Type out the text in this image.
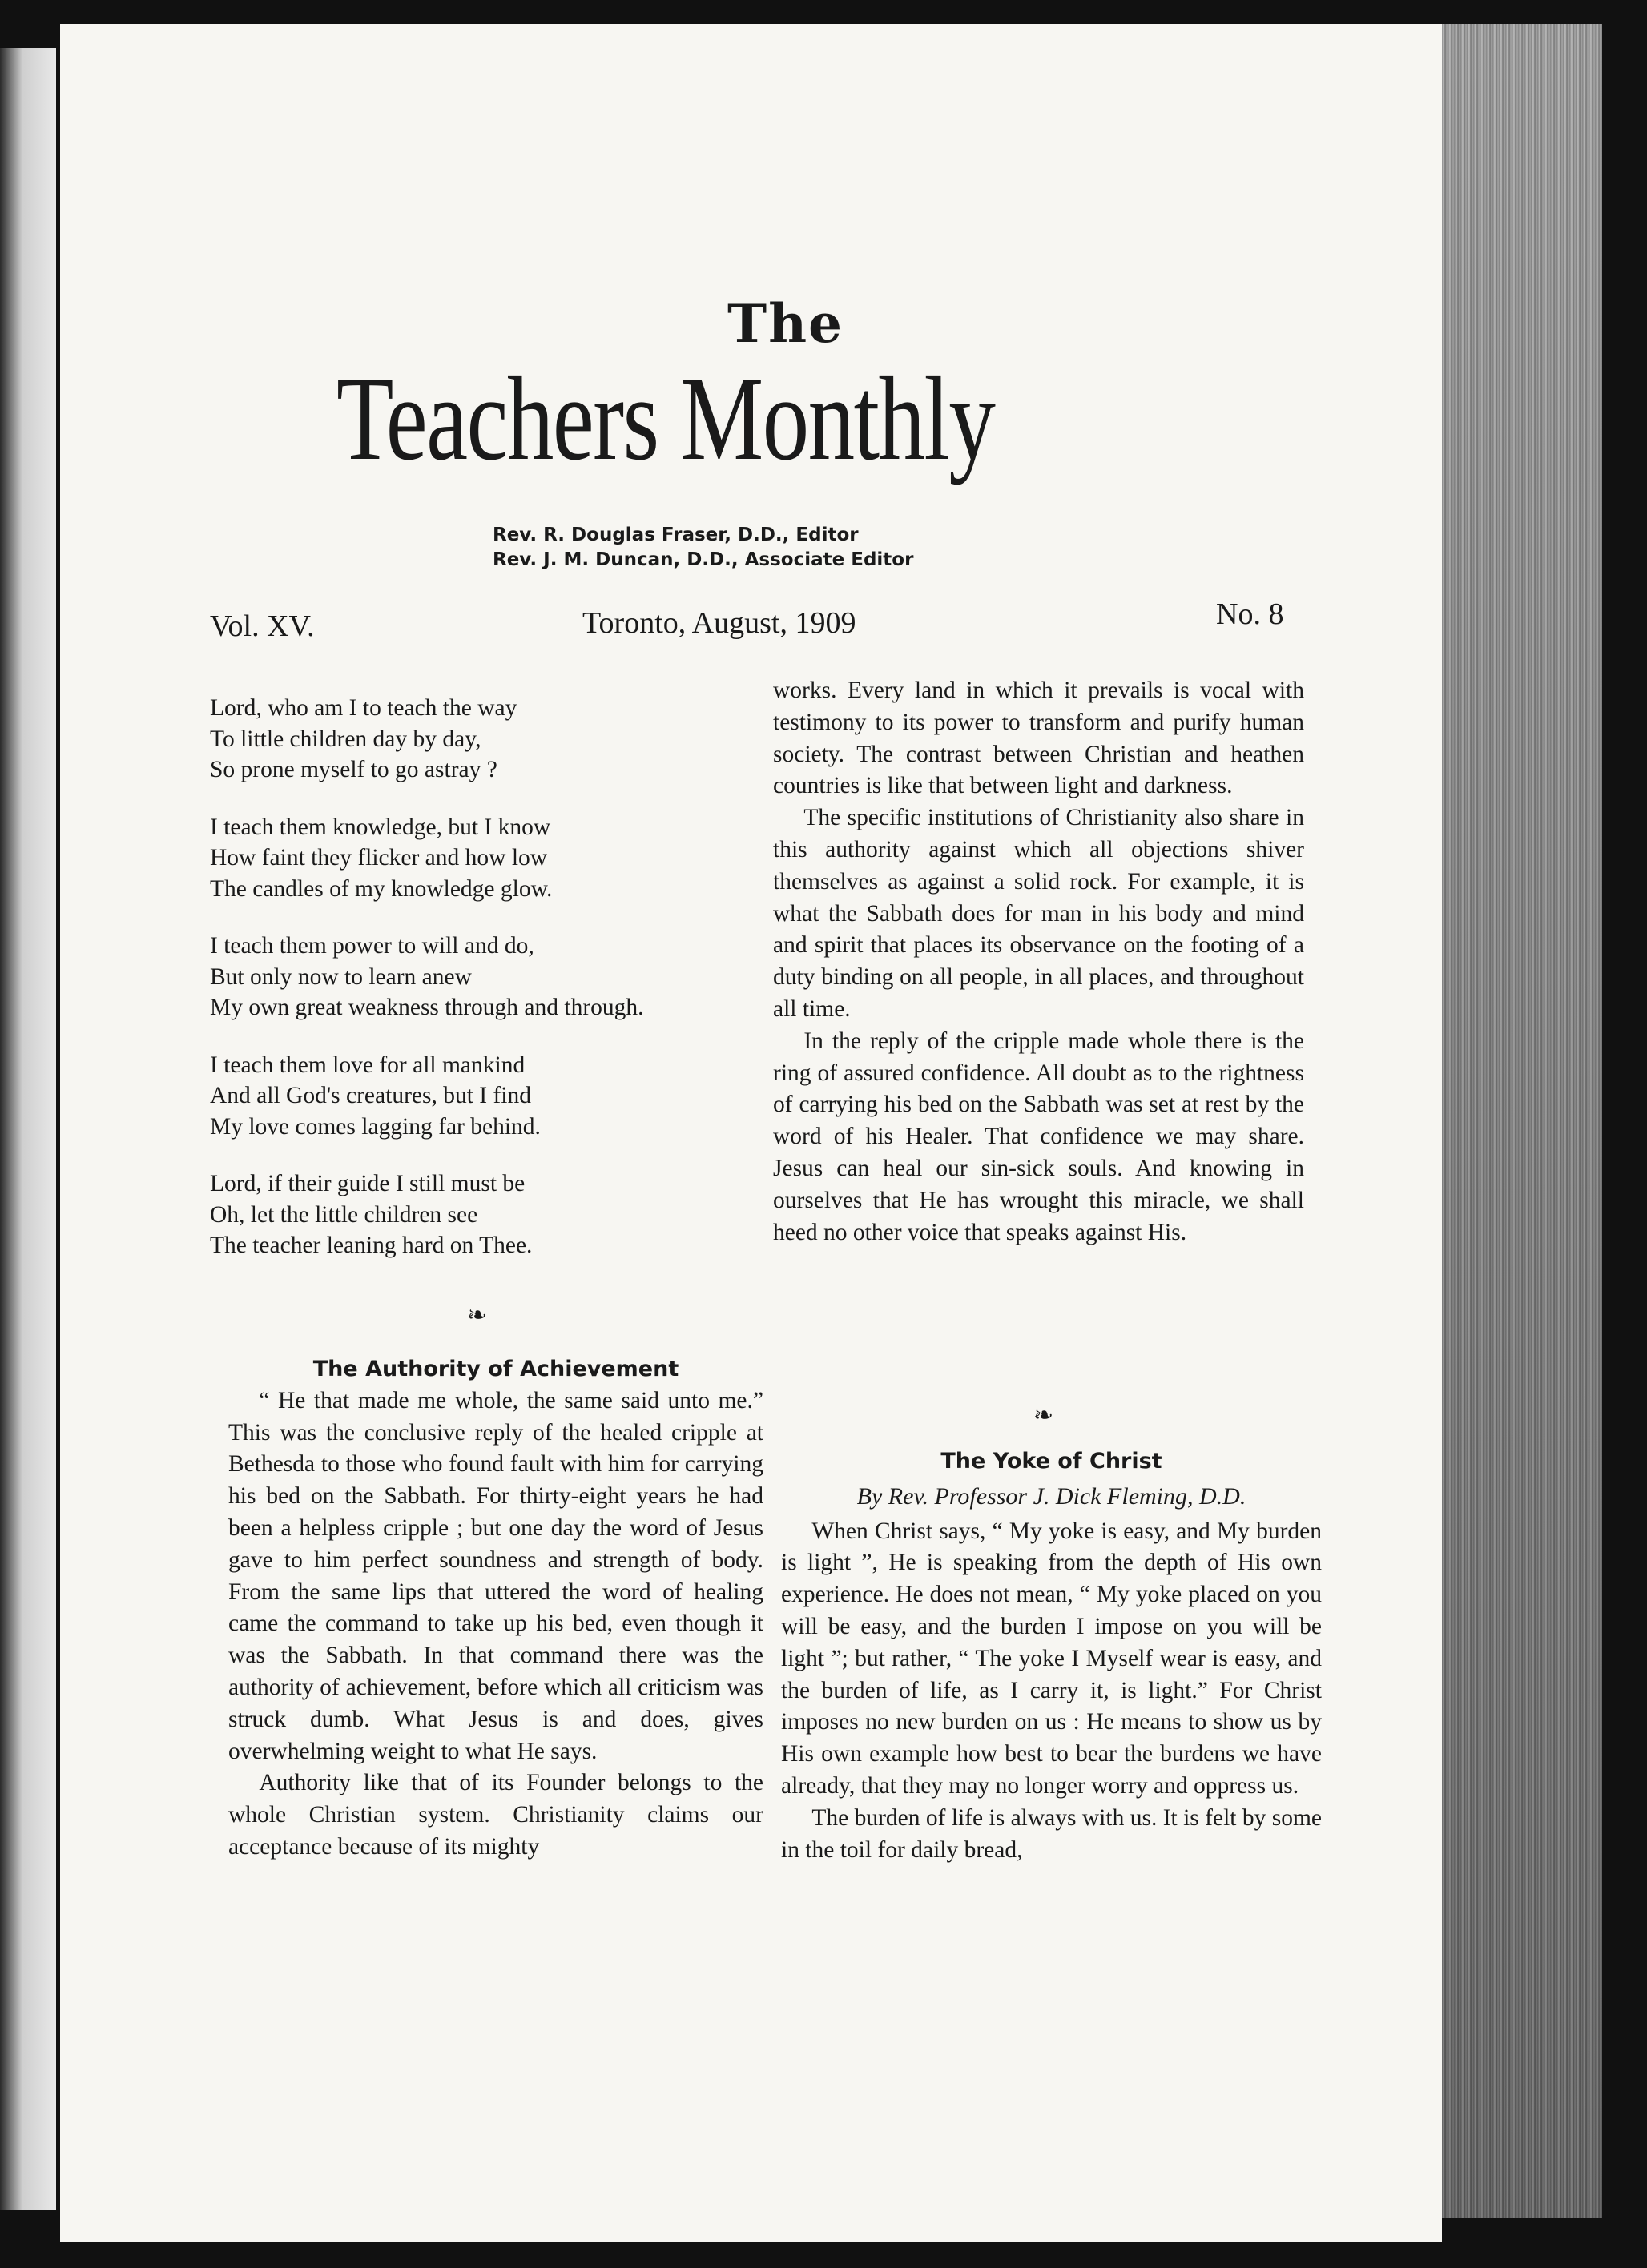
The
Teachers Monthly
Rev. R. Douglas Fraser, D.D., Editor
Rev. J. M. Duncan, D.D., Associate Editor
Vol. XV.	Toronto, August, 1909	No. 8
Lord, who am I to teach the way
To little children day by day,
So prone myself to go astray ?
I teach them knowledge, but I know
How faint they flicker and how low
The candles of my knowledge glow.
I teach them power to will and do,
But only now to learn anew
My own great weakness through and through.
I teach them love for all mankind
And all God's creatures, but I find
My love comes lagging far behind.
Lord, if their guide I still must be
Oh, let the little children see
The teacher leaning hard on Thee.
❧
The Authority of Achievement

“ He that made me whole, the same said unto me.” This was the conclusive reply of the healed cripple at Bethesda to those who found fault with him for carrying his bed on the Sabbath. For thirty-eight years he had been a helpless cripple ; but one day the word of Jesus gave to him perfect soundness and strength of body. From the same lips that uttered the word of healing came the command to take up his bed, even though it was the Sabbath. In that command there was the authority of achievement, before which all criticism was struck dumb. What Jesus is and does, gives overwhelming weight to what He says.

Authority like that of its Founder belongs to the whole Christian system. Christianity claims our acceptance because of its mighty

works. Every land in which it prevails is vocal with testimony to its power to transform and purify human society. The contrast between Christian and heathen countries is like that between light and darkness.

The specific institutions of Christianity also share in this authority against which all objections shiver themselves as against a solid rock. For example, it is what the Sabbath does for man in his body and mind and spirit that places its observance on the footing of a duty binding on all people, in all places, and throughout all time.

In the reply of the cripple made whole there is the ring of assured confidence. All doubt as to the rightness of carrying his bed on the Sabbath was set at rest by the word of his Healer. That confidence we may share. Jesus can heal our sin-sick souls. And knowing in ourselves that He has wrought this miracle, we shall heed no other voice that speaks against His.

❧
The Yoke of Christ
By Rev. Professor J. Dick Fleming, D.D.

When Christ says, “ My yoke is easy, and My burden is light ”, He is speaking from the depth of His own experience. He does not mean, “ My yoke placed on you will be easy, and the burden I impose on you will be light ”; but rather, “ The yoke I Myself wear is easy, and the burden of life, as I carry it, is light.” For Christ imposes no new burden on us : He means to show us by His own example how best to bear the burdens we have already, that they may no longer worry and oppress us.

The burden of life is always with us. It is felt by some in the toil for daily bread,
